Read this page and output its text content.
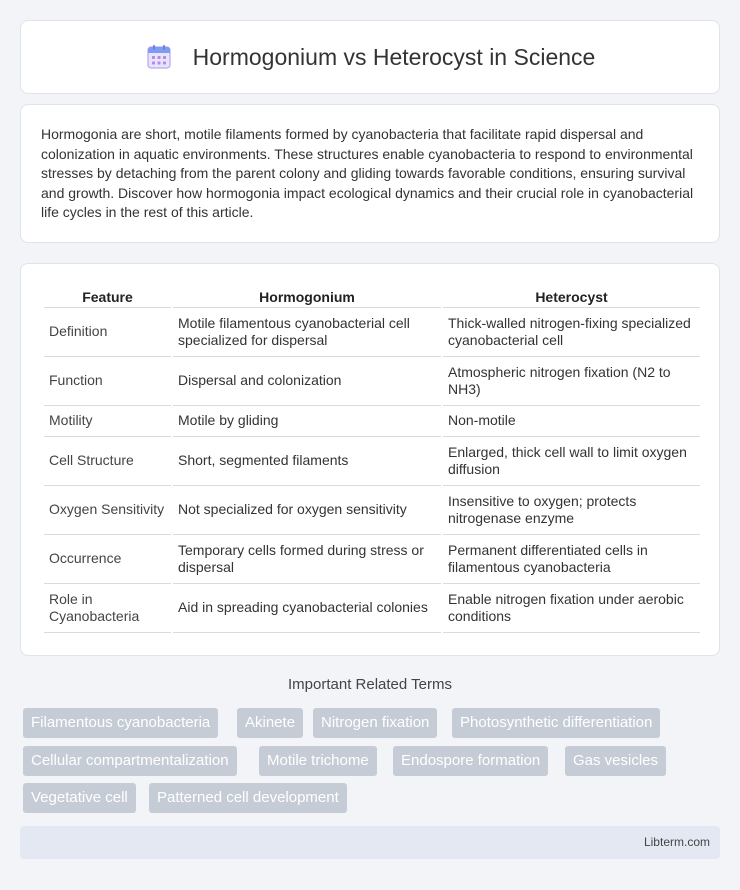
Hormogonium vs Heterocyst in Science

Hormogonia are short, motile filaments formed by cyanobacteria that facilitate rapid dispersal and colonization in aquatic environments. These structures enable cyanobacteria to respond to environmental stresses by detaching from the parent colony and gliding towards favorable conditions, ensuring survival and growth. Discover how hormogonia impact ecological dynamics and their crucial role in cyanobacterial life cycles in the rest of this article.

Feature	Hormogonium	Heterocyst
Definition	Motile filamentous cyanobacterial cell specialized for dispersal	Thick-walled nitrogen-fixing specialized cyanobacterial cell
Function	Dispersal and colonization	Atmospheric nitrogen fixation (N2 to NH3)
Motility	Motile by gliding	Non-motile
Cell Structure	Short, segmented filaments	Enlarged, thick cell wall to limit oxygen diffusion
Oxygen Sensitivity	Not specialized for oxygen sensitivity	Insensitive to oxygen; protects nitrogenase enzyme
Occurrence	Temporary cells formed during stress or dispersal	Permanent differentiated cells in filamentous cyanobacteria
Role in Cyanobacteria	Aid in spreading cyanobacterial colonies	Enable nitrogen fixation under aerobic conditions
Important Related Terms
Filamentous cyanobacteria	Akinete	Nitrogen fixation	Photosynthetic differentiation
Cellular compartmentalization	Motile trichome	Endospore formation	Gas vesicles
Vegetative cell	Patterned cell development
Libterm.com
